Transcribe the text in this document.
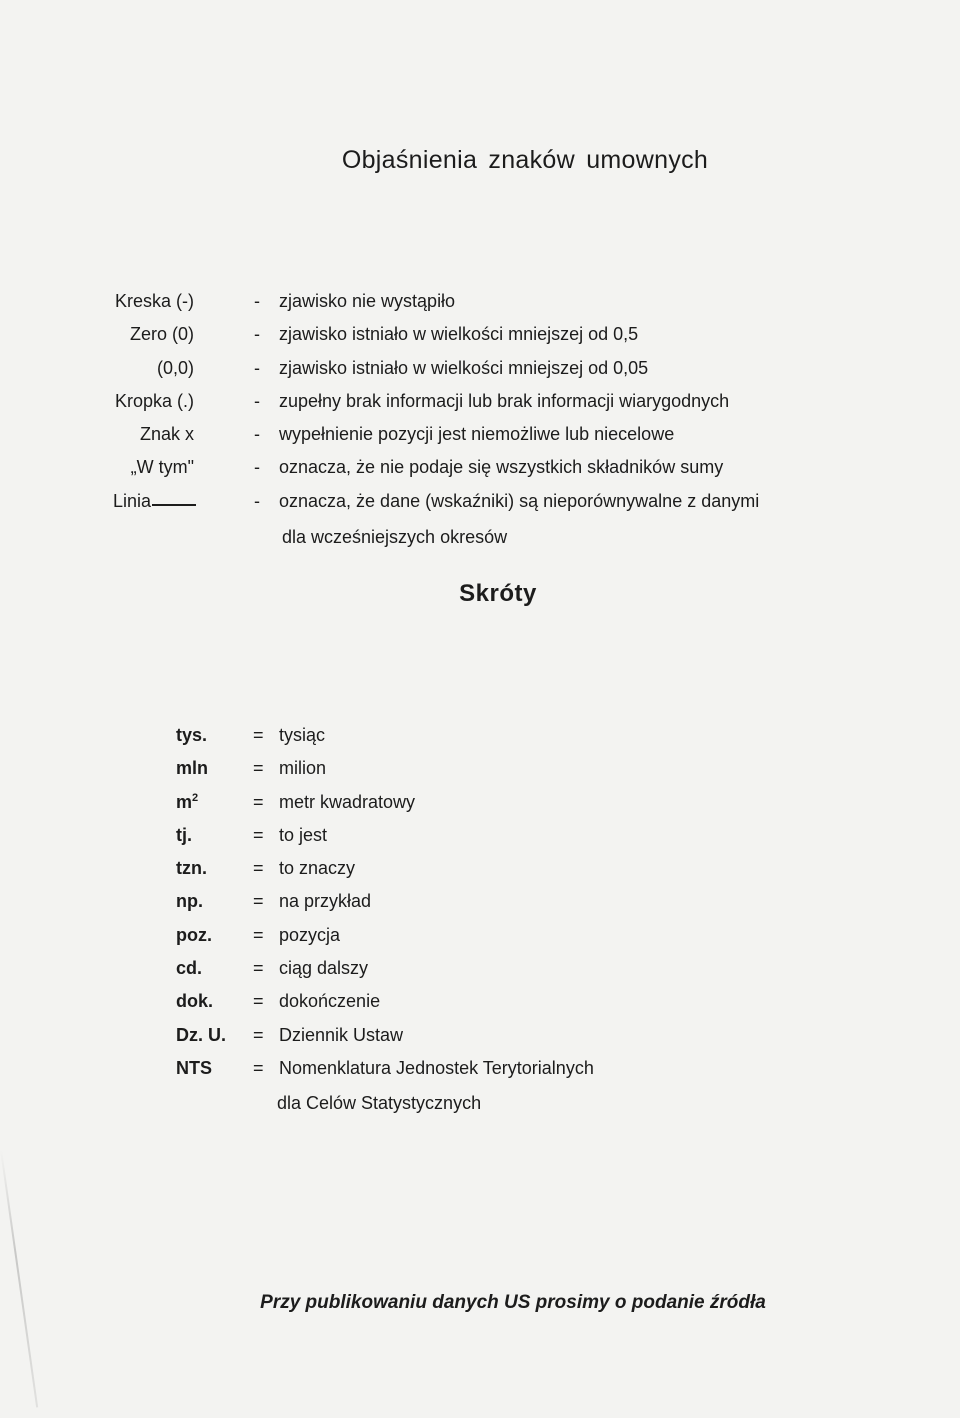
Objaśnienia znaków umownych
Kreska (-)	- zjawisko nie wystąpiło
Zero (0)	- zjawisko istniało w wielkości mniejszej od 0,5
(0,0)	- zjawisko istniało w wielkości mniejszej od 0,05
Kropka (.)	- zupełny brak informacji lub brak informacji wiarygodnych
Znak x	- wypełnienie pozycji jest niemożliwe lub niecelowe
„W tym"	- oznacza, że nie podaje się wszystkich składników sumy
Linia	- oznacza, że dane (wskaźniki) są nieporównywalne z danymi
dla wcześniejszych okresów
Skróty
tys.	= tysiąc
mln = milion
$m^2$	= metr kwadratowy
tj.	= to jest
tzn.	= to znaczy
np.	= na przykład
poz. = pozycja
cd.	= ciąg dalszy
dok. = dokończenie
Dz. U. = Dziennik Ustaw
NTS = Nomenklatura Jednostek Terytorialnych
dla Celów Statystycznych
Przy publikowaniu danych US prosimy o podanie źródła
